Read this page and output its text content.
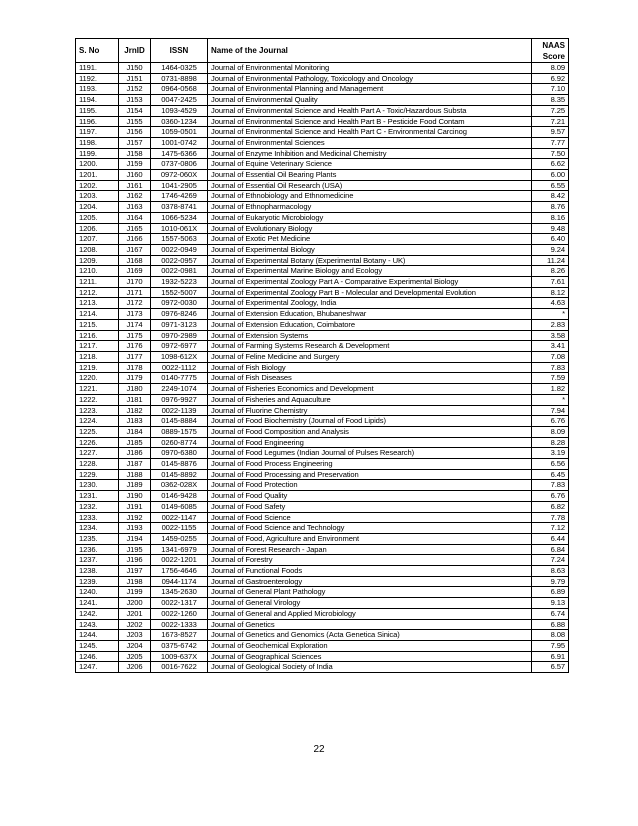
S. No	JrnID	ISSN	Name of the Journal	NAAS
Score

1191.	J150	1464-0325	Journal of Environmental Monitoring	8.09
1192.	J151	0731-8898	Journal of Environmental Pathology, Toxicology and Oncology	6.92
1193.	J152	0964-0568	Journal of Environmental Planning and Management	7.10
1194.	J153	0047-2425	Journal of Environmental Quality	8.35
1195.	J154	1093-4529	Journal of Environmental Science and Health Part A - Toxic/Hazardous Substa	7.25
1196.	J155	0360-1234	Journal of Environmental Science and Health Part B - Pesticide Food Contam	7.21
1197.	J156	1059-0501	Journal of Environmental Science and Health Part C - Environmental Carcinog	9.57
1198.	J157	1001-0742	Journal of Environmental Sciences	7.77
1199.	J158	1475-6366	Journal of Enzyme Inhibition and Medicinal Chemistry	7.50
1200.	J159	0737-0806	Journal of Equine Veterinary Science	6.62
1201.	J160	0972-060X	Journal of Essential Oil Bearing Plants	6.00
1202.	J161	1041-2905	Journal of Essential Oil Research (USA)	6.55
1203.	J162	1746-4269	Journal of Ethnobiology and Ethnomedicine	8.42
1204.	J163	0378-8741	Journal of Ethnopharmacology	8.76
1205.	J164	1066-5234	Journal of Eukaryotic Microbiology	8.16
1206.	J165	1010-061X	Journal of Evolutionary Biology	9.48
1207.	J166	1557-5063	Journal of Exotic Pet Medicine	6.40
1208.	J167	0022-0949	Journal of Experimental Biology	9.24
1209.	J168	0022-0957	Journal of Experimental Botany (Experimental Botany - UK)	11.24
1210.	J169	0022-0981	Journal of Experimental Marine Biology and Ecology	8.26
1211.	J170	1932-5223	Journal of Experimental Zoology Part A - Comparative Experimental Biology	7.61
1212.	J171	1552-5007	Journal of Experimental Zoology Part B - Molecular and Developmental Evolution	8.12
1213.	J172	0972-0030	Journal of Experimental Zoology, India	4.63
1214.	J173	0976-8246	Journal of Extension Education, Bhubaneshwar	*
1215.	J174	0971-3123	Journal of Extension Education, Coimbatore	2.83
1216.	J175	0970-2989	Journal of Extension Systems	3.58
1217.	J176	0972-6977	Journal of Farming Systems Research & Development	3.41
1218.	J177	1098-612X	Journal of Feline Medicine and Surgery	7.08
1219.	J178	0022-1112	Journal of Fish Biology	7.83
1220.	J179	0140-7775	Journal of Fish Diseases	7.59
1221.	J180	2249-1074	Journal of Fisheries Economics and Development	1.82
1222.	J181	0976-9927	Journal of Fisheries and Aquaculture	*
1223.	J182	0022-1139	Journal of Fluorine Chemistry	7.94
1224.	J183	0145-8884	Journal of Food Biochemistry (Journal of Food Lipids)	6.76
1225.	J184	0889-1575	Journal of Food Composition and Analysis	8.09
1226.	J185	0260-8774	Journal of Food Engineering	8.28
1227.	J186	0970-6380	Journal of Food Legumes (Indian Journal of Pulses Research)	3.19
1228.	J187	0145-8876	Journal of Food Process Engineering	6.56
1229.	J188	0145-8892	Journal of Food Processing and Preservation	6.45
1230.	J189	0362-028X	Journal of Food Protection	7.83
1231.	J190	0146-9428	Journal of Food Quality	6.76
1232.	J191	0149-6085	Journal of Food Safety	6.82
1233.	J192	0022-1147	Journal of Food Science	7.78
1234.	J193	0022-1155	Journal of Food Science and Technology	7.12
1235.	J194	1459-0255	Journal of Food, Agriculture and Environment	6.44
1236.	J195	1341-6979	Journal of Forest Research - Japan	6.84
1237.	J196	0022-1201	Journal of Forestry	7.24
1238.	J197	1756-4646	Journal of Functional Foods	8.63
1239.	J198	0944-1174	Journal of Gastroenterology	9.79
1240.	J199	1345-2630	Journal of General Plant Pathology	6.89
1241.	J200	0022-1317	Journal of General Virology	9.13
1242.	J201	0022-1260	Journal of General and Applied Microbiology	6.74
1243.	J202	0022-1333	Journal of Genetics	6.88
1244.	J203	1673-8527	Journal of Genetics and Genomics (Acta Genetica Sinica)	8.08
1245.	J204	0375-6742	Journal of Geochemical Exploration	7.95
1246.	J205	1009-637X	Journal of Geographical Sciences	6.91
1247.	J206	0016-7622	Journal of Geological Society of India	6.57
22
